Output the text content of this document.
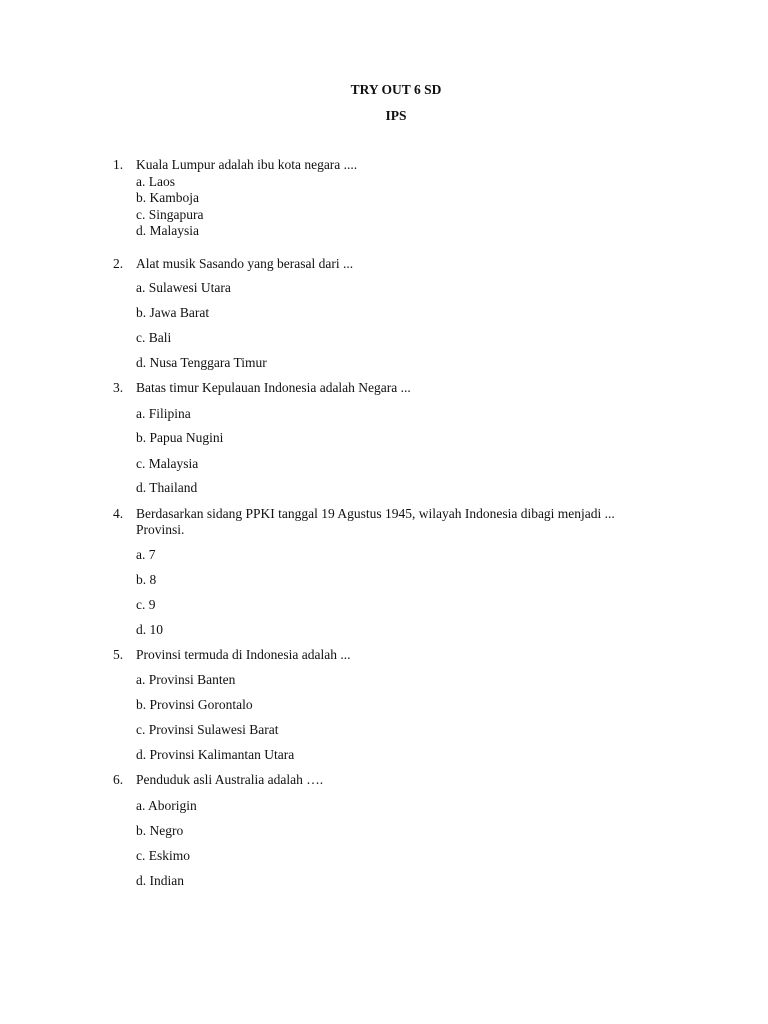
TRY OUT 6 SD
IPS
1. Kuala Lumpur adalah ibu kota negara ....
a. Laos
b. Kamboja
c. Singapura
d. Malaysia
2. Alat musik Sasando yang berasal dari ...
a. Sulawesi Utara
b. Jawa Barat
c. Bali
d. Nusa Tenggara Timur
3. Batas timur Kepulauan Indonesia adalah Negara ...
a. Filipina
b. Papua Nugini
c. Malaysia
d. Thailand
4. Berdasarkan sidang PPKI tanggal 19 Agustus 1945, wilayah Indonesia dibagi menjadi ...
Provinsi.
a. 7
b. 8
c. 9
d. 10
5. Provinsi termuda di Indonesia adalah ...
a. Provinsi Banten
b. Provinsi Gorontalo
c. Provinsi Sulawesi Barat
d. Provinsi Kalimantan Utara
6. Penduduk asli Australia adalah ….
a. Aborigin
b. Negro
c. Eskimo
d. Indian
